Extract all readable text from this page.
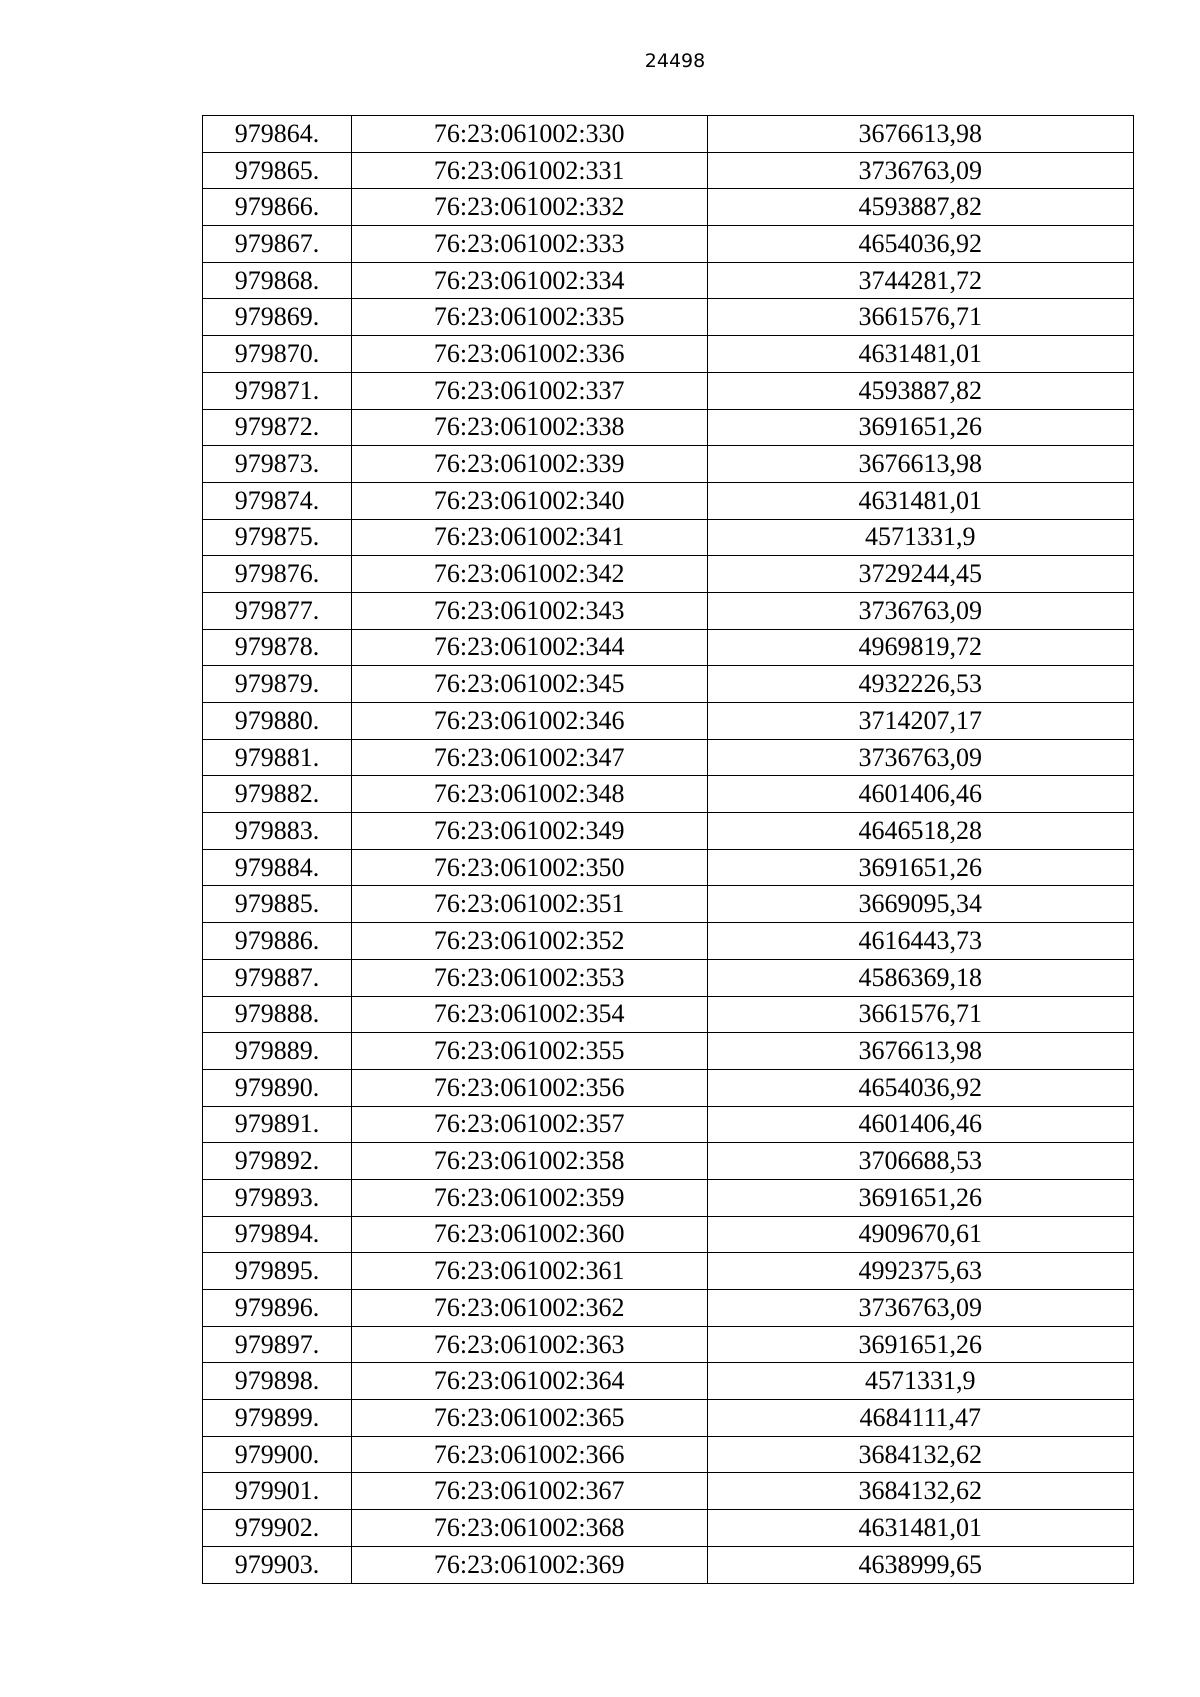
24498
979864.	76:23:061002:330	3676613,98
979865.	76:23:061002:331	3736763,09
979866.	76:23:061002:332	4593887,82
979867.	76:23:061002:333	4654036,92
979868.	76:23:061002:334	3744281,72
979869.	76:23:061002:335	3661576,71
979870.	76:23:061002:336	4631481,01
979871.	76:23:061002:337	4593887,82
979872.	76:23:061002:338	3691651,26
979873.	76:23:061002:339	3676613,98
979874.	76:23:061002:340	4631481,01
979875.	76:23:061002:341	4571331,9
979876.	76:23:061002:342	3729244,45
979877.	76:23:061002:343	3736763,09
979878.	76:23:061002:344	4969819,72
979879.	76:23:061002:345	4932226,53
979880.	76:23:061002:346	3714207,17
979881.	76:23:061002:347	3736763,09
979882.	76:23:061002:348	4601406,46
979883.	76:23:061002:349	4646518,28
979884.	76:23:061002:350	3691651,26
979885.	76:23:061002:351	3669095,34
979886.	76:23:061002:352	4616443,73
979887.	76:23:061002:353	4586369,18
979888.	76:23:061002:354	3661576,71
979889.	76:23:061002:355	3676613,98
979890.	76:23:061002:356	4654036,92
979891.	76:23:061002:357	4601406,46
979892.	76:23:061002:358	3706688,53
979893.	76:23:061002:359	3691651,26
979894.	76:23:061002:360	4909670,61
979895.	76:23:061002:361	4992375,63
979896.	76:23:061002:362	3736763,09
979897.	76:23:061002:363	3691651,26
979898.	76:23:061002:364	4571331,9
979899.	76:23:061002:365	4684111,47
979900.	76:23:061002:366	3684132,62
979901.	76:23:061002:367	3684132,62
979902.	76:23:061002:368	4631481,01
979903.	76:23:061002:369	4638999,65
